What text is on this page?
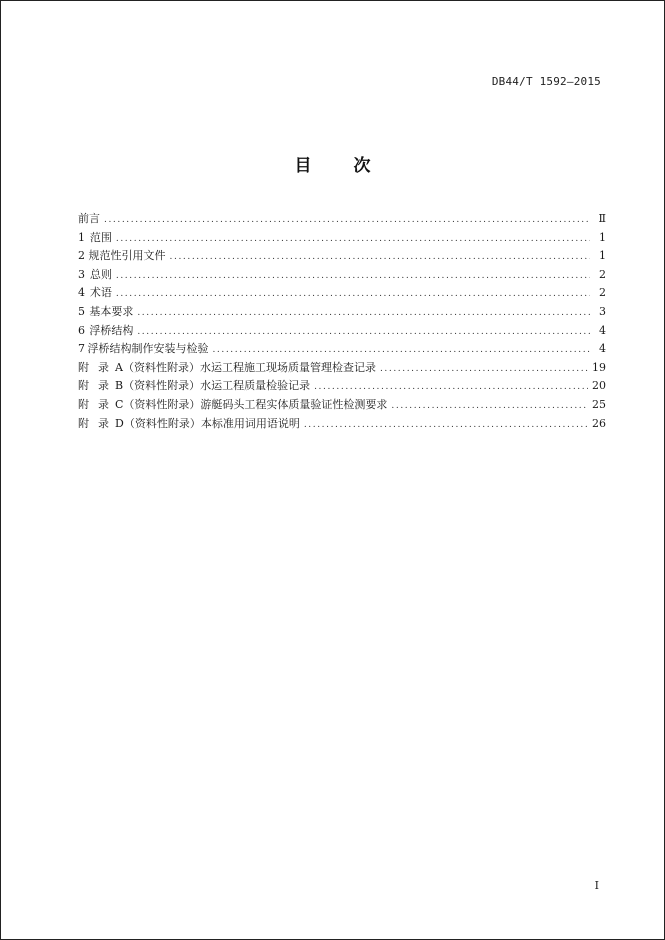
DB44/T 1592—2015
目 次
前言 .....	Ⅱ
1 范围 .....	1
2 规范性引用文件 .....	1
3 总则 .....	2
4 术语 .....	2
5 基本要求 .....	3
6 浮桥结构 .....	4
7 浮桥结构制作安装与检验 .....	4
附 录 A （资料性附录） 水运工程施工现场质量管理检查记录 .....	19
附 录 B （资料性附录） 水运工程质量检验记录 .....	20
附 录 C （资料性附录） 游艇码头工程实体质量验证性检测要求 .....	25
附 录 D （资料性附录） 本标准用词用语说明 .....	26
I
